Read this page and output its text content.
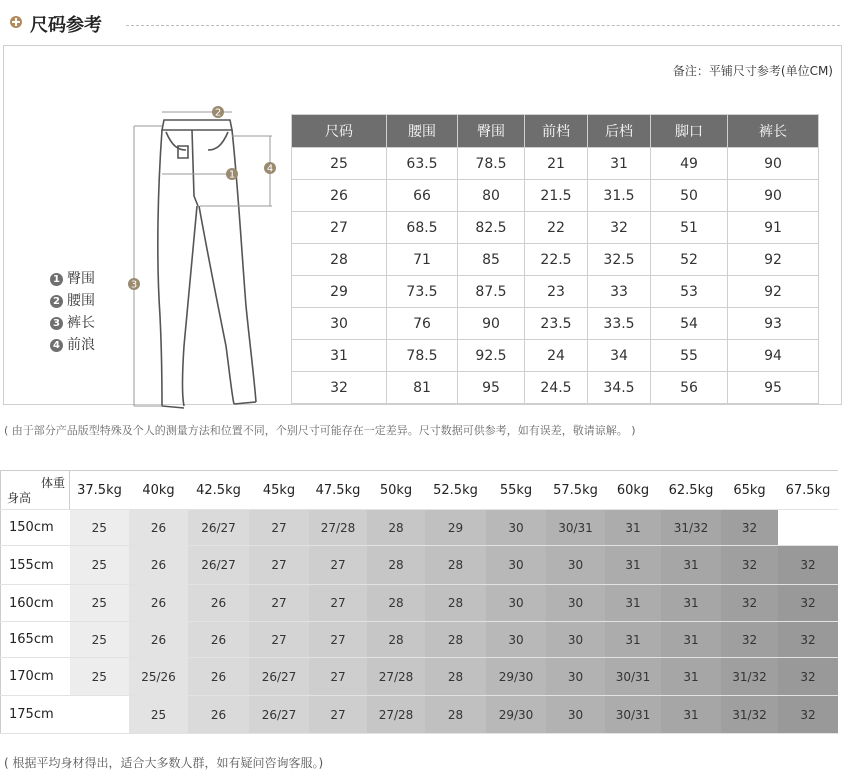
尺码参考
备注：平铺尺寸参考(单位CM)
2
3
1
4
1 臀围
2 腰围
3 裤长
4 前浪
尺码	腰围	臀围	前档	后档	脚口	裤长
25	63.5	78.5	21	31	49	90
26	66	80	21.5	31.5	50	90
27	68.5	82.5	22	32	51	91
28	71	85	22.5	32.5	52	92
29	73.5	87.5	23	33	53	92
30	76	90	23.5	33.5	54	93
31	78.5	92.5	24	34	55	94
32	81	95	24.5	34.5	56	95
( 由于部分产品版型特殊及个人的测量方法和位置不同，个别尺寸可能存在一定差异。尺寸数据可供参考，如有误差，敬请谅解。 )
体重
身高	37.5kg	40kg	42.5kg	45kg	47.5kg	50kg	52.5kg	55kg	57.5kg	60kg	62.5kg	65kg	67.5kg
150cm	25	26	26/27	27	27/28	28	29	30	30/31	31	31/32	32	
155cm	25	26	26/27	27	27	28	28	30	30	31	31	32	32
160cm	25	26	26	27	27	28	28	30	30	31	31	32	32
165cm	25	26	26	27	27	28	28	30	30	31	31	32	32
170cm	25	25/26	26	26/27	27	27/28	28	29/30	30	30/31	31	31/32	32
175cm		25	26	26/27	27	27/28	28	29/30	30	30/31	31	31/32	32
( 根据平均身材得出，适合大多数人群，如有疑问咨询客服。)
